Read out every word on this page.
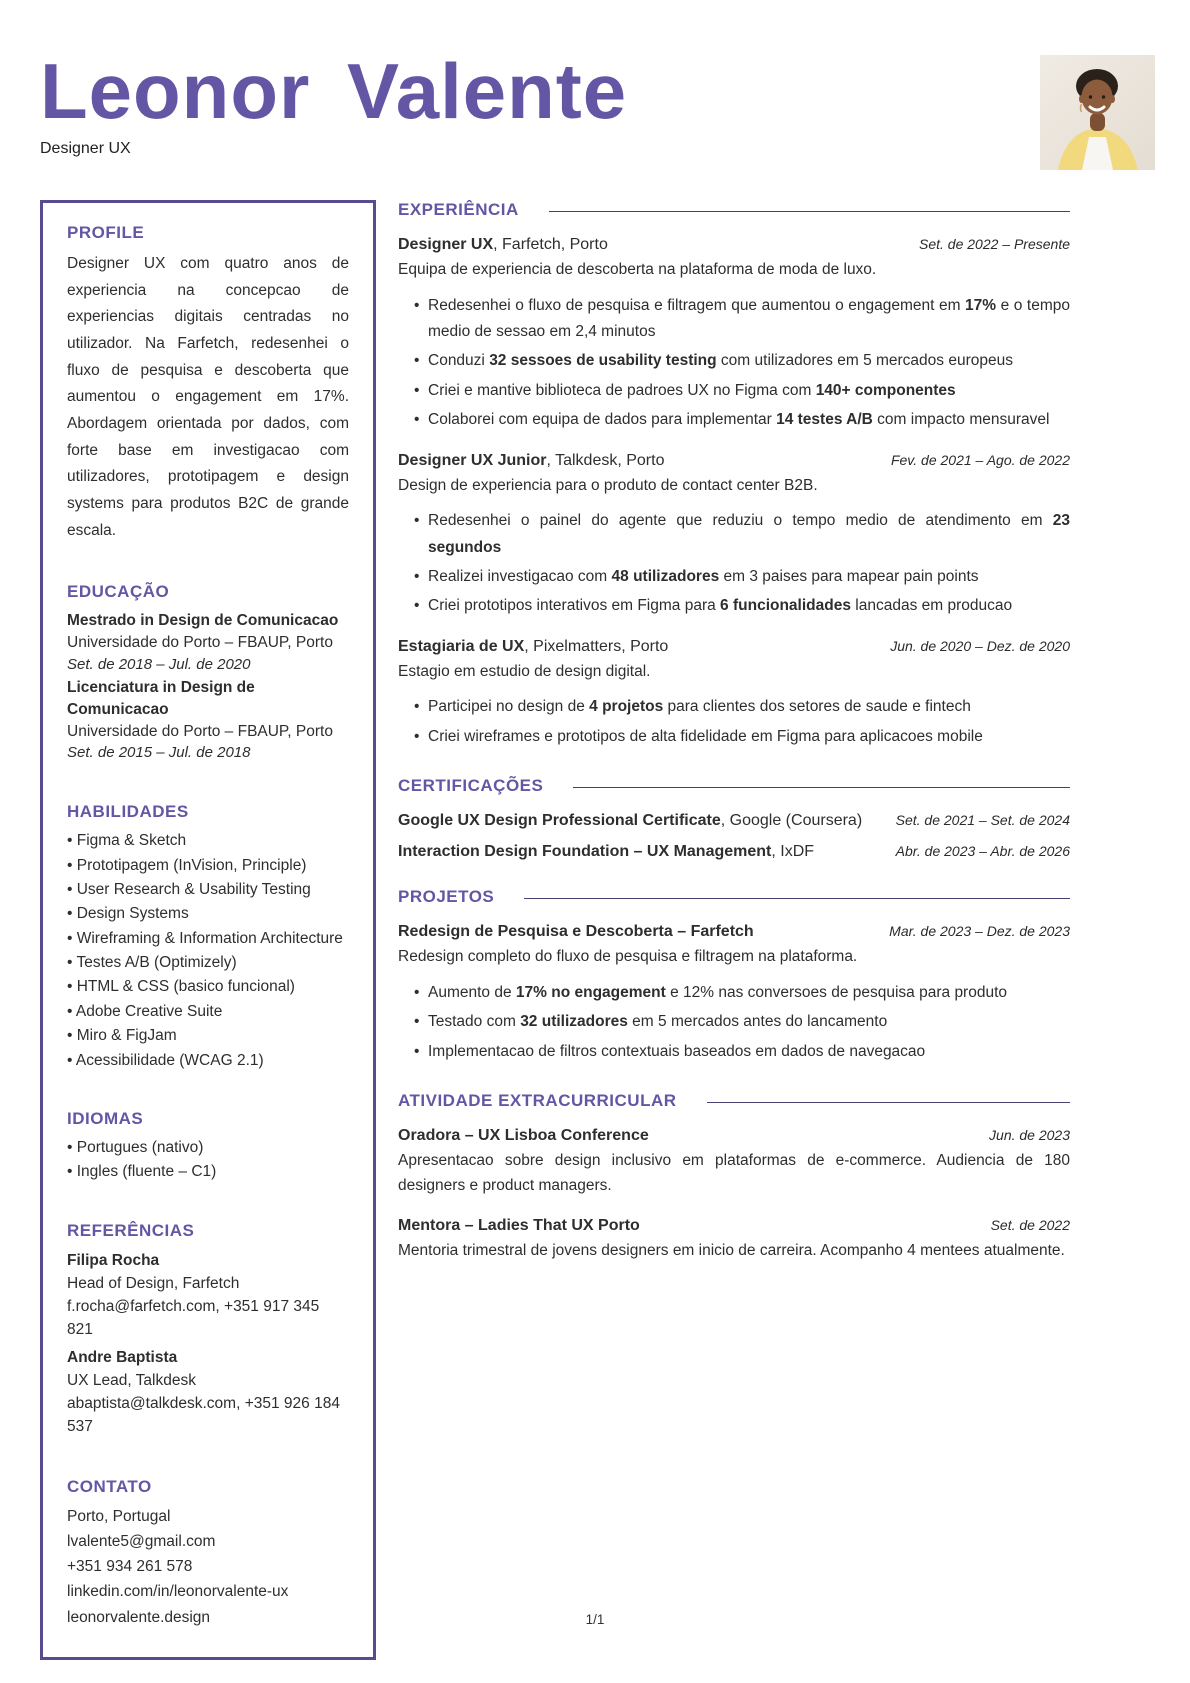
Leonor Valente
Designer UX
PROFILE

Designer UX com quatro anos de experiencia na concepcao de experiencias digitais centradas no utilizador. Na Farfetch, redesenhei o fluxo de pesquisa e descoberta que aumentou o engagement em 17%. Abordagem orientada por dados, com forte base em investigacao com utilizadores, prototipagem e design systems para produtos B2C de grande escala.

EDUCAÇÃO
Mestrado in Design de Comunicacao
Universidade do Porto – FBAUP, Porto
Set. de 2018 – Jul. de 2020
Licenciatura in Design de Comunicacao
Universidade do Porto – FBAUP, Porto
Set. de 2015 – Jul. de 2018
HABILIDADES
• Figma & Sketch
• Prototipagem (InVision, Principle)
• User Research & Usability Testing
• Design Systems
• Wireframing & Information Architecture
• Testes A/B (Optimizely)
• HTML & CSS (basico funcional)
• Adobe Creative Suite
• Miro & FigJam
• Acessibilidade (WCAG 2.1)
IDIOMAS
• Portugues (nativo)
• Ingles (fluente – C1)
REFERÊNCIAS
Filipa Rocha
Head of Design, Farfetch
f.rocha@farfetch.com, +351 917 345 821
Andre Baptista
UX Lead, Talkdesk
abaptista@talkdesk.com, +351 926 184 537
CONTATO
Porto, Portugal
lvalente5@gmail.com
+351 934 261 578
linkedin.com/in/leonorvalente-ux
leonorvalente.design
EXPERIÊNCIA
Designer UX, Farfetch, Porto	Set. de 2022 – Presente
Equipa de experiencia de descoberta na plataforma de moda de luxo.
• Redesenhei o fluxo de pesquisa e filtragem que aumentou o engagement em 17% e o tempo medio de sessao em 2,4 minutos
• Conduzi 32 sessoes de usability testing com utilizadores em 5 mercados europeus
• Criei e mantive biblioteca de padroes UX no Figma com 140+ componentes
• Colaborei com equipa de dados para implementar 14 testes A/B com impacto mensuravel
Designer UX Junior, Talkdesk, Porto	Fev. de 2021 – Ago. de 2022
Design de experiencia para o produto de contact center B2B.
• Redesenhei o painel do agente que reduziu o tempo medio de atendimento em 23 segundos
• Realizei investigacao com 48 utilizadores em 3 paises para mapear pain points
• Criei prototipos interativos em Figma para 6 funcionalidades lancadas em producao
Estagiaria de UX, Pixelmatters, Porto	Jun. de 2020 – Dez. de 2020
Estagio em estudio de design digital.
• Participei no design de 4 projetos para clientes dos setores de saude e fintech
• Criei wireframes e prototipos de alta fidelidade em Figma para aplicacoes mobile
CERTIFICAÇÕES
Google UX Design Professional Certificate, Google (Coursera) Set. de 2021 – Set. de 2024
Interaction Design Foundation – UX Management, IxDF	Abr. de 2023 – Abr. de 2026
PROJETOS
Redesign de Pesquisa e Descoberta – Farfetch	Mar. de 2023 – Dez. de 2023
Redesign completo do fluxo de pesquisa e filtragem na plataforma.
• Aumento de 17% no engagement e 12% nas conversoes de pesquisa para produto
• Testado com 32 utilizadores em 5 mercados antes do lancamento
• Implementacao de filtros contextuais baseados em dados de navegacao
ATIVIDADE EXTRACURRICULAR
Oradora – UX Lisboa Conference	Jun. de 2023
Apresentacao sobre design inclusivo em plataformas de e-commerce. Audiencia de 180 designers e product managers.
Mentora – Ladies That UX Porto	Set. de 2022
Mentoria trimestral de jovens designers em inicio de carreira. Acompanho 4 mentees atualmente.
1/1
